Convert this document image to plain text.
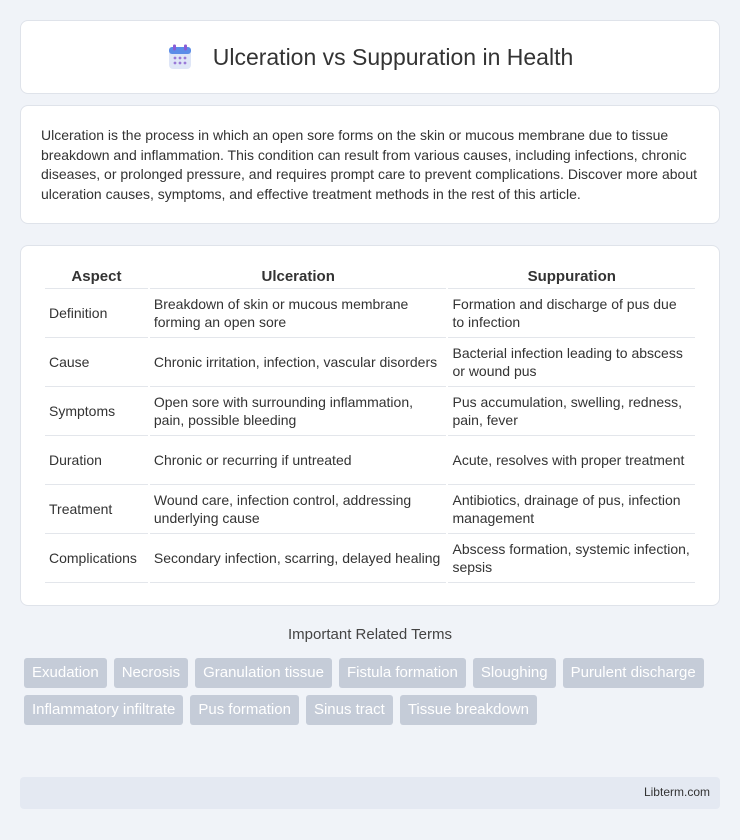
Ulceration vs Suppuration in Health

Ulceration is the process in which an open sore forms on the skin or mucous membrane due to tissue breakdown and inflammation. This condition can result from various causes, including infections, chronic diseases, or prolonged pressure, and requires prompt care to prevent complications. Discover more about ulceration causes, symptoms, and effective treatment methods in the rest of this article.

Aspect	Ulceration	Suppuration
Definition	Breakdown of skin or mucous membrane forming an open sore	Formation and discharge of pus due to infection
Cause	Chronic irritation, infection, vascular disorders	Bacterial infection leading to abscess or wound pus
Symptoms	Open sore with surrounding inflammation, pain, possible bleeding	Pus accumulation, swelling, redness, pain, fever
Duration	Chronic or recurring if untreated	Acute, resolves with proper treatment
Treatment	Wound care, infection control, addressing underlying cause	Antibiotics, drainage of pus, infection management
Complications	Secondary infection, scarring, delayed healing	Abscess formation, systemic infection, sepsis
Important Related Terms
Exudation	Necrosis	Granulation tissue	Fistula formation	Sloughing	Purulent discharge
Inflammatory infiltrate	Pus formation	Sinus tract	Tissue breakdown
Libterm.com
